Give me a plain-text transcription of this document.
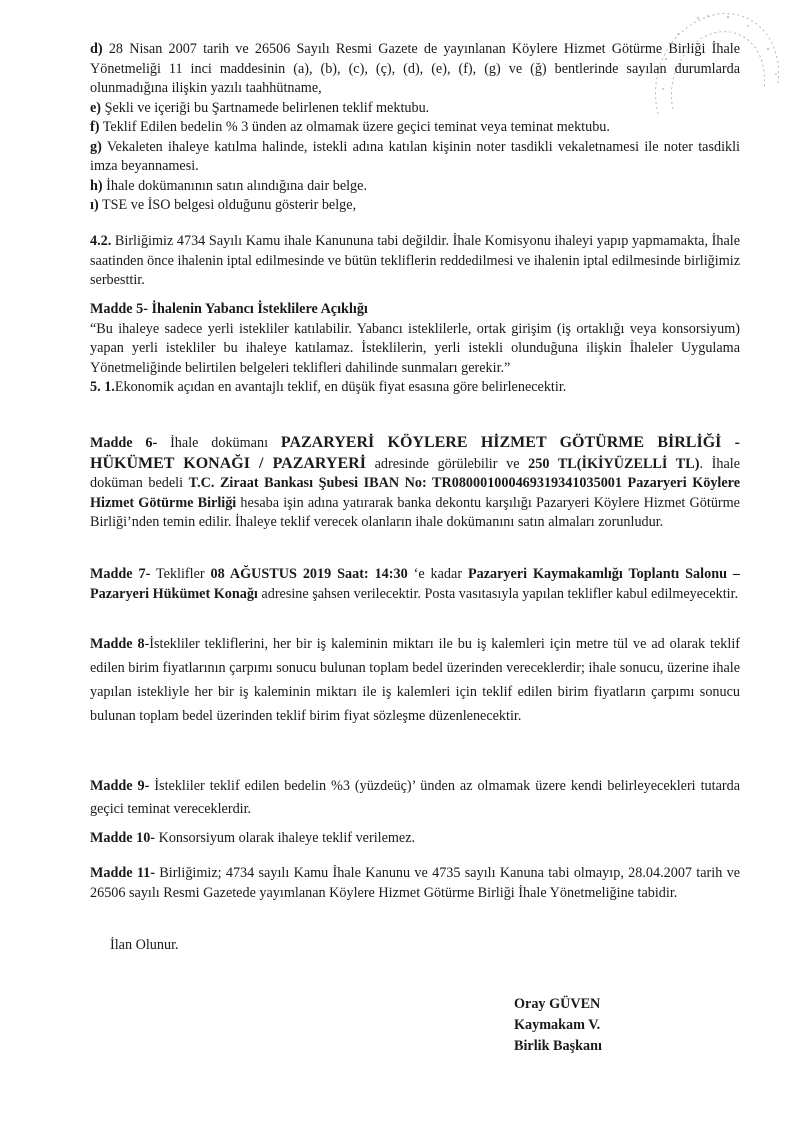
d) 28 Nisan 2007 tarih ve 26506 Sayılı Resmi Gazete de yayınlanan Köylere Hizmet Götürme Birliği İhale Yönetmeliği 11 inci maddesinin (a), (b), (c), (ç), (d), (e), (f), (g) ve (ğ) bentlerinde sayılan durumlarda olunmadığına ilişkin yazılı taahhütname,

e) Şekli ve içeriği bu Şartnamede belirlenen teklif mektubu.

f) Teklif Edilen bedelin % 3 ünden az olmamak üzere geçici teminat veya teminat mektubu.

g) Vekaleten ihaleye katılma halinde, istekli adına katılan kişinin noter tasdikli vekaletnamesi ile noter tasdikli imza beyannamesi.

h) İhale dokümanının satın alındığına dair belge.

ı) TSE ve İSO belgesi olduğunu gösterir belge,

4.2. Birliğimiz 4734 Sayılı Kamu ihale Kanununa tabi değildir. İhale Komisyonu ihaleyi yapıp yapmamakta, İhale saatinden önce ihalenin iptal edilmesinde ve bütün tekliflerin reddedilmesi ve ihalenin iptal edilmesinde birliğimiz serbesttir.

Madde 5- İhalenin Yabancı İsteklilere Açıklığı

“Bu ihaleye sadece yerli istekliler katılabilir. Yabancı isteklilerle, ortak girişim (iş ortaklığı veya konsorsiyum) yapan yerli istekliler bu ihaleye katılamaz. İsteklilerin, yerli istekli olunduğuna ilişkin İhaleler Uygulama Yönetmeliğinde belirtilen belgeleri teklifleri dahilinde sunmaları gerekir.”

5. 1.Ekonomik açıdan en avantajlı teklif, en düşük fiyat esasına göre belirlenecektir.

Madde 6- İhale dokümanı PAZARYERİ KÖYLERE HİZMET GÖTÜRME BİRLİĞİ - HÜKÜMET KONAĞI / PAZARYERİ adresinde görülebilir ve 250 TL(İKİYÜZELLİ TL). İhale doküman bedeli T.C. Ziraat Bankası Şubesi IBAN No: TR080001000469319341035001 Pazaryeri Köylere Hizmet Götürme Birliği hesaba işin adına yatırarak banka dekontu karşılığı Pazaryeri Köylere Hizmet Götürme Birliği’nden temin edilir. İhaleye teklif verecek olanların ihale dokümanını satın almaları zorunludur.

Madde 7- Teklifler 08 AĞUSTUS 2019 Saat: 14:30 ‘e kadar Pazaryeri Kaymakamlığı Toplantı Salonu – Pazaryeri Hükümet Konağı adresine şahsen verilecektir. Posta vasıtasıyla yapılan teklifler kabul edilmeyecektir.

Madde 8-İstekliler tekliflerini, her bir iş kaleminin miktarı ile bu iş kalemleri için metre tül ve ad olarak teklif edilen birim fiyatlarının çarpımı sonucu bulunan toplam bedel üzerinden vereceklerdir; ihale sonucu, üzerine ihale yapılan istekliyle her bir iş kaleminin miktarı ile iş kalemleri için teklif edilen birim fiyatların çarpımı sonucu bulunan toplam bedel üzerinden teklif birim fiyat sözleşme düzenlenecektir.

Madde 9- İstekliler teklif edilen bedelin %3 (yüzdeüç)’ ünden az olmamak üzere kendi belirleyecekleri tutarda geçici teminat vereceklerdir.

Madde 10- Konsorsiyum olarak ihaleye teklif verilemez.

Madde 11- Birliğimiz; 4734 sayılı Kamu İhale Kanunu ve 4735 sayılı Kanuna tabi olmayıp, 28.04.2007 tarih ve 26506 sayılı Resmi Gazetede yayımlanan Köylere Hizmet Götürme Birliği İhale Yönetmeliğine tabidir.

İlan Olunur.

Oray GÜVEN
Kaymakam V.
Birlik Başkanı
